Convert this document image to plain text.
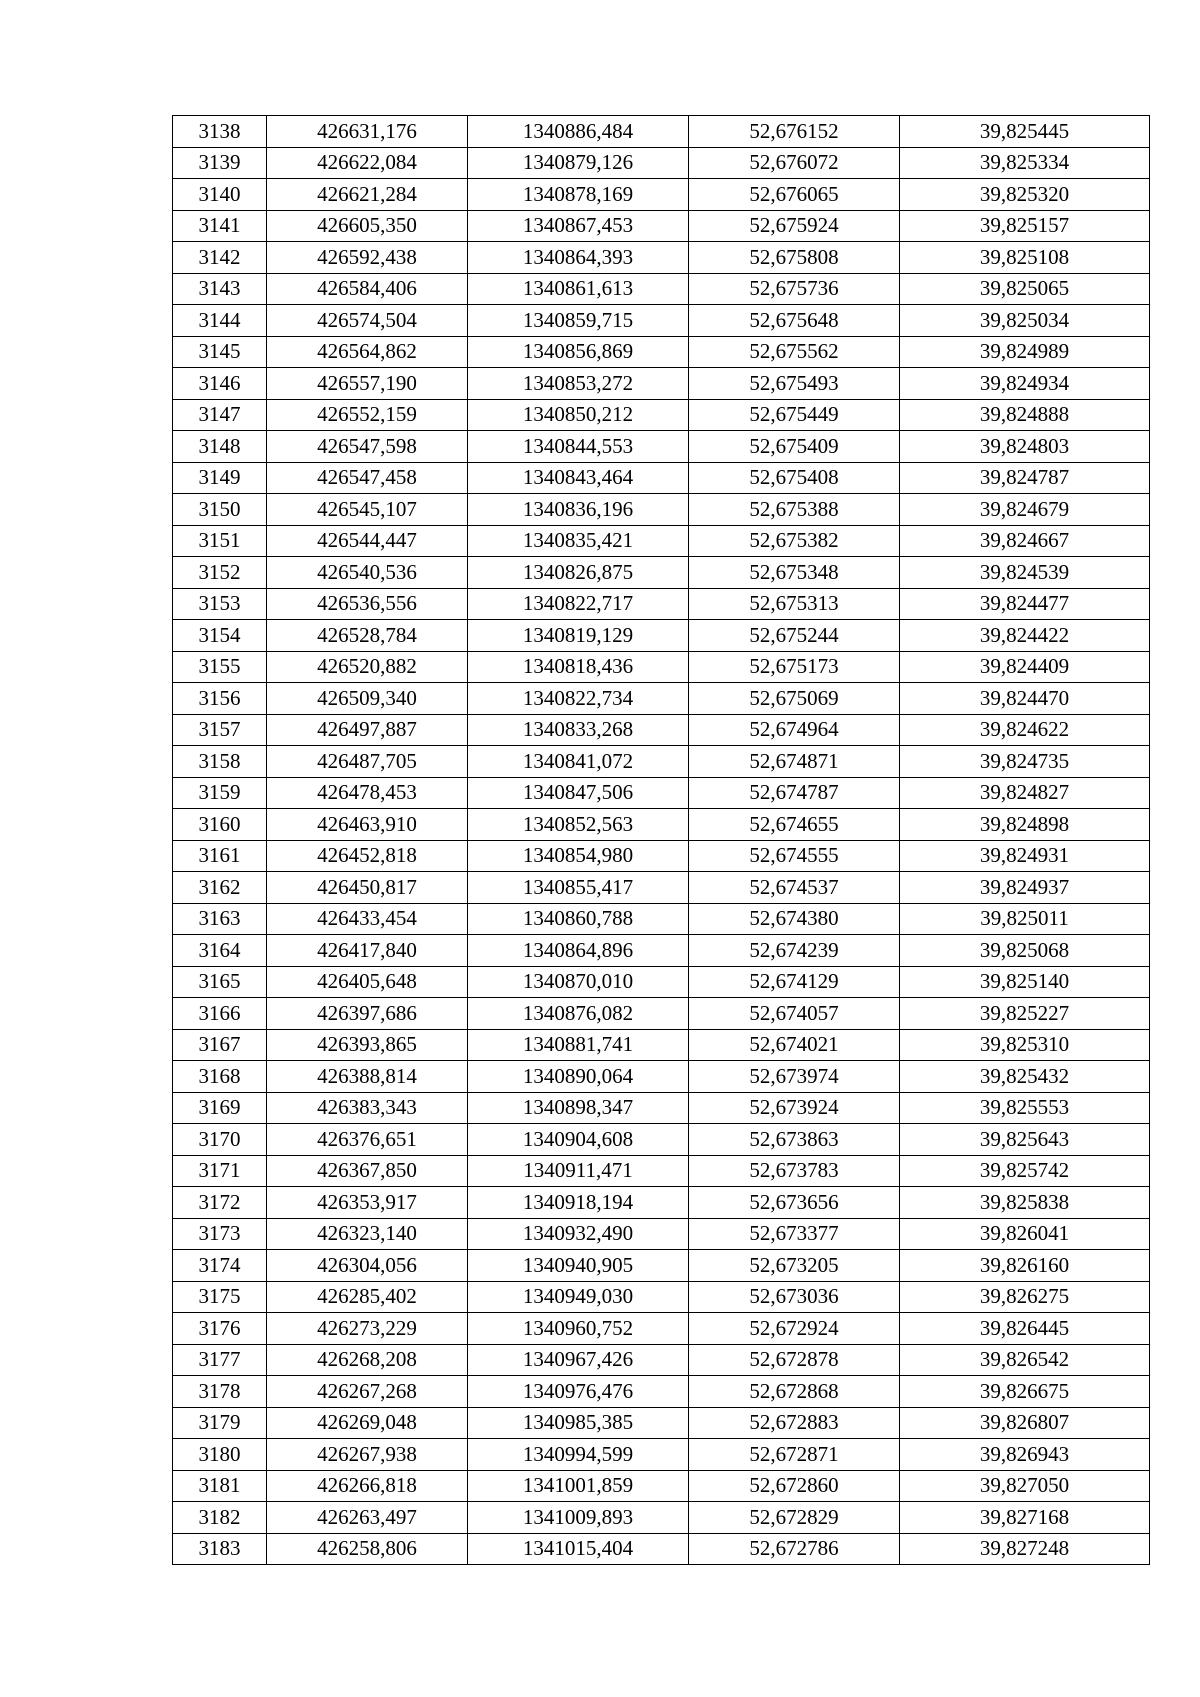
3138	426631,176	1340886,484	52,676152	39,825445
3139	426622,084	1340879,126	52,676072	39,825334
3140	426621,284	1340878,169	52,676065	39,825320
3141	426605,350	1340867,453	52,675924	39,825157
3142	426592,438	1340864,393	52,675808	39,825108
3143	426584,406	1340861,613	52,675736	39,825065
3144	426574,504	1340859,715	52,675648	39,825034
3145	426564,862	1340856,869	52,675562	39,824989
3146	426557,190	1340853,272	52,675493	39,824934
3147	426552,159	1340850,212	52,675449	39,824888
3148	426547,598	1340844,553	52,675409	39,824803
3149	426547,458	1340843,464	52,675408	39,824787
3150	426545,107	1340836,196	52,675388	39,824679
3151	426544,447	1340835,421	52,675382	39,824667
3152	426540,536	1340826,875	52,675348	39,824539
3153	426536,556	1340822,717	52,675313	39,824477
3154	426528,784	1340819,129	52,675244	39,824422
3155	426520,882	1340818,436	52,675173	39,824409
3156	426509,340	1340822,734	52,675069	39,824470
3157	426497,887	1340833,268	52,674964	39,824622
3158	426487,705	1340841,072	52,674871	39,824735
3159	426478,453	1340847,506	52,674787	39,824827
3160	426463,910	1340852,563	52,674655	39,824898
3161	426452,818	1340854,980	52,674555	39,824931
3162	426450,817	1340855,417	52,674537	39,824937
3163	426433,454	1340860,788	52,674380	39,825011
3164	426417,840	1340864,896	52,674239	39,825068
3165	426405,648	1340870,010	52,674129	39,825140
3166	426397,686	1340876,082	52,674057	39,825227
3167	426393,865	1340881,741	52,674021	39,825310
3168	426388,814	1340890,064	52,673974	39,825432
3169	426383,343	1340898,347	52,673924	39,825553
3170	426376,651	1340904,608	52,673863	39,825643
3171	426367,850	1340911,471	52,673783	39,825742
3172	426353,917	1340918,194	52,673656	39,825838
3173	426323,140	1340932,490	52,673377	39,826041
3174	426304,056	1340940,905	52,673205	39,826160
3175	426285,402	1340949,030	52,673036	39,826275
3176	426273,229	1340960,752	52,672924	39,826445
3177	426268,208	1340967,426	52,672878	39,826542
3178	426267,268	1340976,476	52,672868	39,826675
3179	426269,048	1340985,385	52,672883	39,826807
3180	426267,938	1340994,599	52,672871	39,826943
3181	426266,818	1341001,859	52,672860	39,827050
3182	426263,497	1341009,893	52,672829	39,827168
3183	426258,806	1341015,404	52,672786	39,827248
